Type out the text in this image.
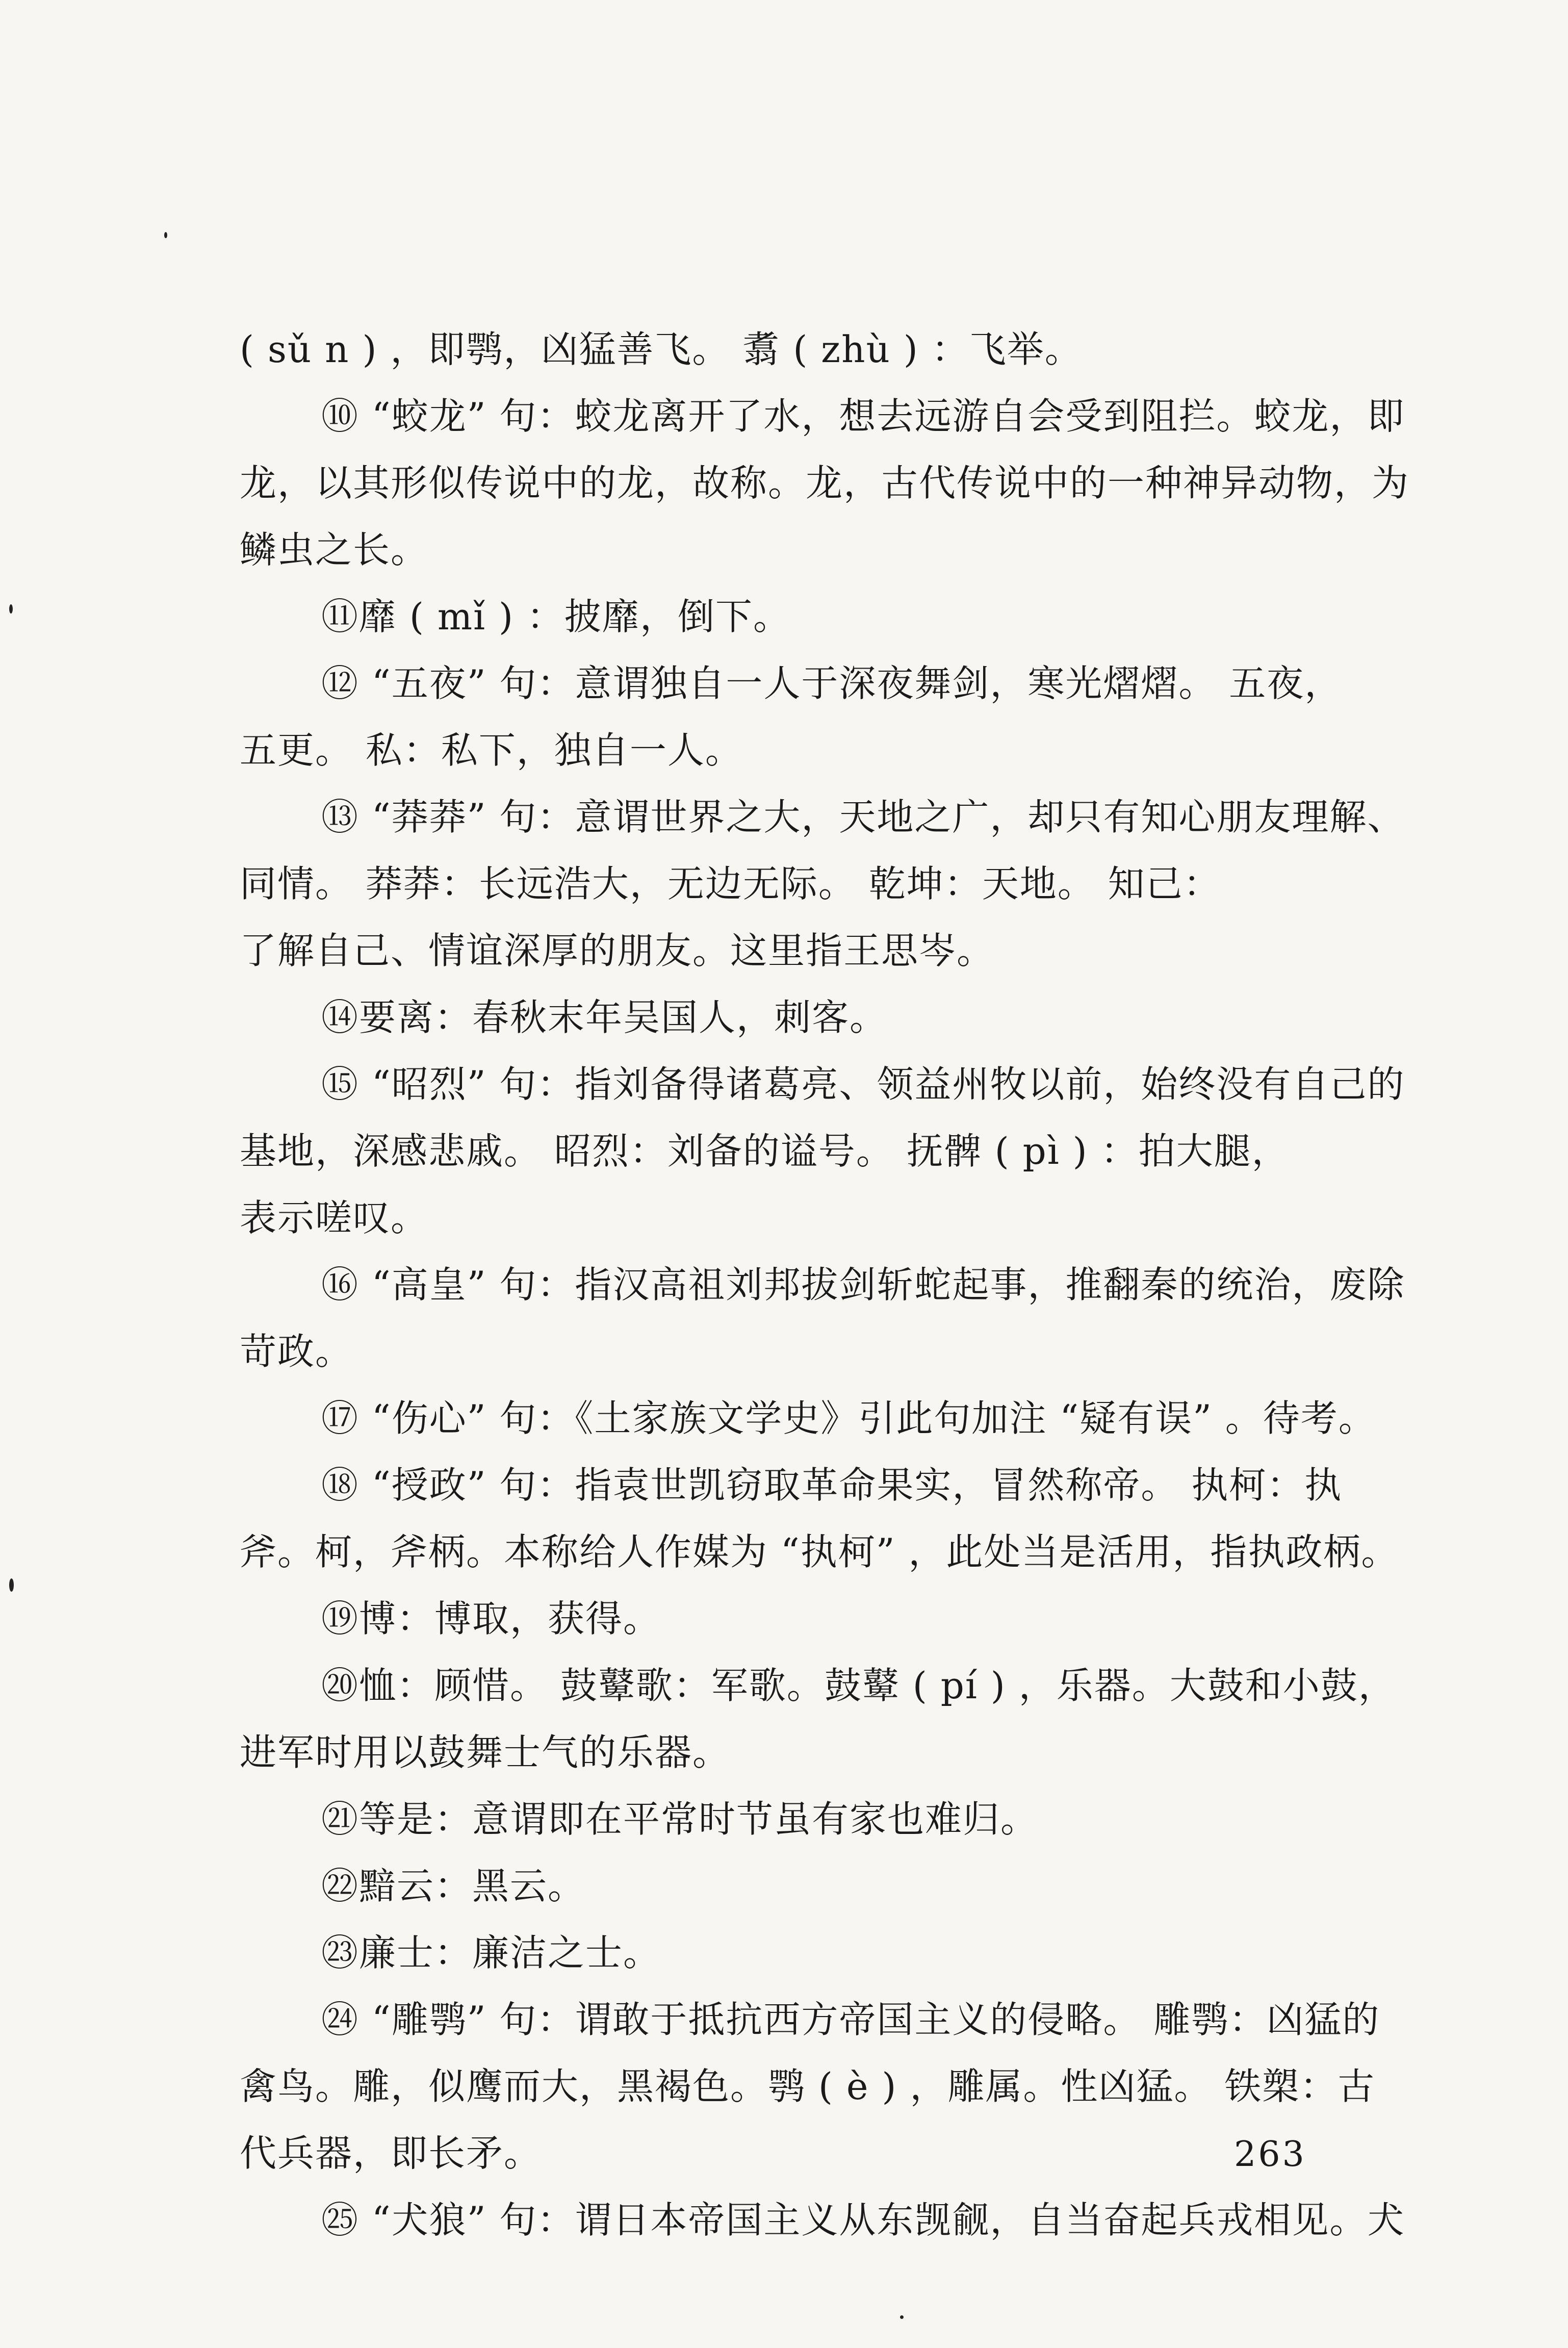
( sǔ n ) ，即鹗，凶猛善飞。 翥 ( zhù ) ：飞举。
⑩ “蛟龙” 句：蛟龙离开了水，想去远游自会受到阻拦。蛟龙，即
龙，以其形似传说中的龙，故称。龙，古代传说中的一种神异动物，为
鳞虫之长。
⑪靡 ( mǐ ) ：披靡，倒下。
⑫ “五夜” 句：意谓独自一人于深夜舞剑，寒光熠熠。 五夜，
五更。 私：私下，独自一人。
⑬ “莽莽” 句：意谓世界之大，天地之广，却只有知心朋友理解、
同情。 莽莽：长远浩大，无边无际。 乾坤：天地。 知己：
了解自己、情谊深厚的朋友。这里指王思岑。
⑭要离：春秋末年吴国人，刺客。
⑮ “昭烈” 句：指刘备得诸葛亮、领益州牧以前，始终没有自己的
基地，深感悲戚。 昭烈：刘备的谥号。 抚髀 ( pì ) ：拍大腿，
表示嗟叹。
⑯ “高皇” 句：指汉高祖刘邦拔剑斩蛇起事，推翻秦的统治，废除
苛政。
⑰ “伤心” 句：《土家族文学史》引此句加注 “疑有误” 。待考。
⑱ “授政” 句：指袁世凯窃取革命果实，冒然称帝。 执柯：执
斧。柯，斧柄。本称给人作媒为 “执柯” ，此处当是活用，指执政柄。
⑲博：博取，获得。
⑳恤：顾惜。 鼓鼙歌：军歌。鼓鼙 ( pí ) ，乐器。大鼓和小鼓，
进军时用以鼓舞士气的乐器。
㉑等是：意谓即在平常时节虽有家也难归。
㉒黯云：黑云。
㉓廉士：廉洁之士。
㉔ “雕鹗” 句：谓敢于抵抗西方帝国主义的侵略。 雕鹗：凶猛的
禽鸟。雕，似鹰而大，黑褐色。鹗 ( è ) ，雕属。性凶猛。 铁槊：古
代兵器，即长矛。
㉕ “犬狼” 句：谓日本帝国主义从东觊觎，自当奋起兵戎相见。犬
263
